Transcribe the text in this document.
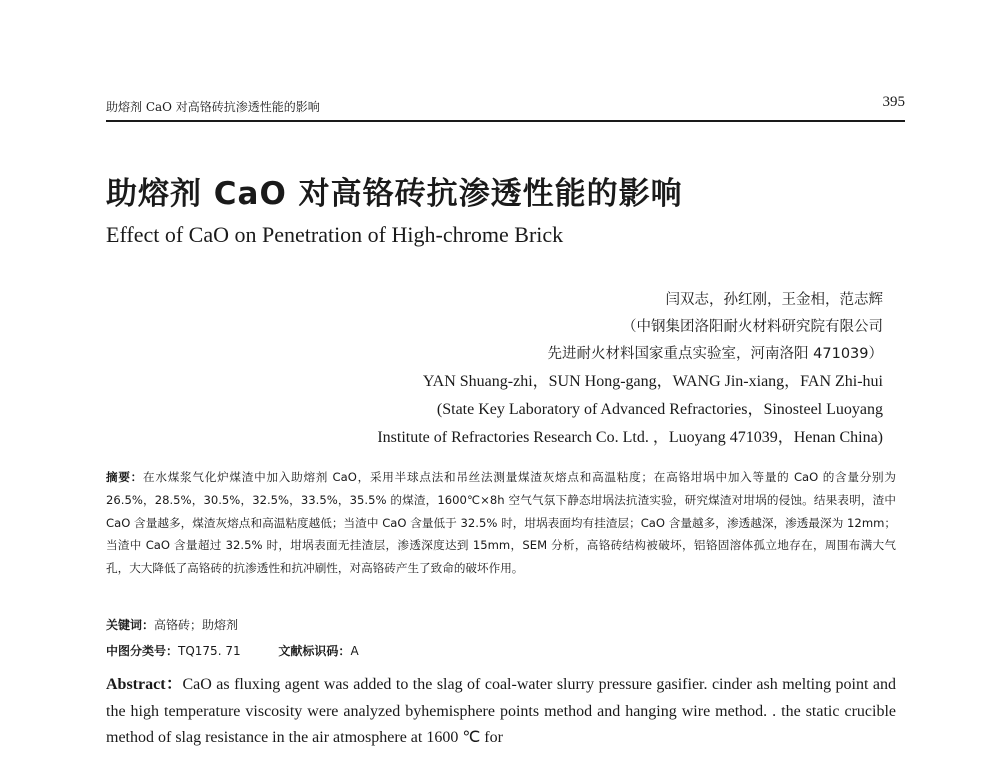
助熔剂 CaO 对高铬砖抗渗透性能的影响	395
助熔剂 CaO 对高铬砖抗渗透性能的影响
Effect of CaO on Penetration of High-chrome Brick
闫双志，孙红刚，王金相，范志辉
（中钢集团洛阳耐火材料研究院有限公司
先进耐火材料国家重点实验室，河南洛阳 471039）
YAN Shuang-zhi，SUN Hong-gang，WANG Jin-xiang，FAN Zhi-hui
(State Key Laboratory of Advanced Refractories，Sinosteel Luoyang
Institute of Refractories Research Co. Ltd. ，Luoyang 471039，Henan China)
摘要：在水煤浆气化炉煤渣中加入助熔剂 CaO，采用半球点法和吊丝法测量煤渣灰熔点和高温粘度；在高铬坩埚中加入等量的 CaO 的含量分别为 26.5%，28.5%，30.5%，32.5%，33.5%，35.5% 的煤渣，1600℃×8h 空气气氛下静态坩埚法抗渣实验，研究煤渣对坩埚的侵蚀。结果表明，渣中 CaO 含量越多，煤渣灰熔点和高温粘度越低；当渣中 CaO 含量低于 32.5% 时，坩埚表面均有挂渣层；CaO 含量越多，渗透越深，渗透最深为 12mm；当渣中 CaO 含量超过 32.5% 时，坩埚表面无挂渣层，渗透深度达到 15mm，SEM 分析，高铬砖结构被破坏，铝铬固溶体孤立地存在，周围布满大气孔，大大降低了高铬砖的抗渗透性和抗冲刷性，对高铬砖产生了致命的破坏作用。
关键词：高铬砖；助熔剂
中图分类号：TQ175. 71	文献标识码：A
Abstract：CaO as fluxing agent was added to the slag of coal-water slurry pressure gasifier. cinder ash melting point and the high temperature viscosity were analyzed byhemisphere points method and hanging wire method. . the static crucible method of slag resistance in the air atmosphere at 1600 ℃ for
